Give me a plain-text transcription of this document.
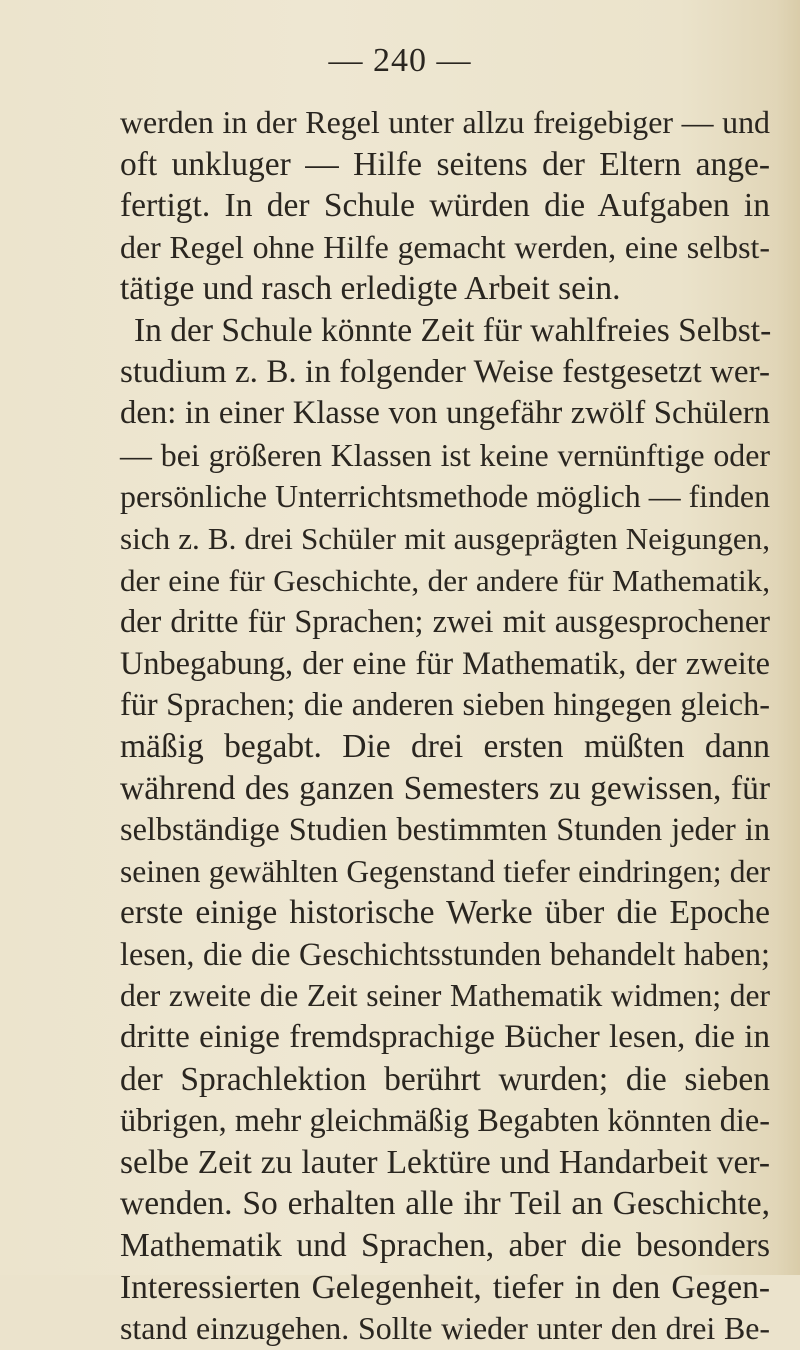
— 240 —
werden in der Regel unter allzu freigebiger — und
oft unkluger — Hilfe seitens der Eltern ange-
fertigt. In der Schule würden die Aufgaben in
der Regel ohne Hilfe gemacht werden, eine selbst-
tätige und rasch erledigte Arbeit sein.
In der Schule könnte Zeit für wahlfreies Selbst-
studium z. B. in folgender Weise festgesetzt wer-
den: in einer Klasse von ungefähr zwölf Schülern
— bei größeren Klassen ist keine vernünftige oder
persönliche Unterrichtsmethode möglich — finden
sich z. B. drei Schüler mit ausgeprägten Neigungen,
der eine für Geschichte, der andere für Mathematik,
der dritte für Sprachen; zwei mit ausgesprochener
Unbegabung, der eine für Mathematik, der zweite
für Sprachen; die anderen sieben hingegen gleich-
mäßig begabt. Die drei ersten müßten dann
während des ganzen Semesters zu gewissen, für
selbständige Studien bestimmten Stunden jeder in
seinen gewählten Gegenstand tiefer eindringen; der
erste einige historische Werke über die Epoche
lesen, die die Geschichtsstunden behandelt haben;
der zweite die Zeit seiner Mathematik widmen; der
dritte einige fremdsprachige Bücher lesen, die in
der Sprachlektion berührt wurden; die sieben
übrigen, mehr gleichmäßig Begabten könnten die-
selbe Zeit zu lauter Lektüre und Handarbeit ver-
wenden. So erhalten alle ihr Teil an Geschichte,
Mathematik und Sprachen, aber die besonders
Interessierten Gelegenheit, tiefer in den Gegen-
stand einzugehen. Sollte wieder unter den drei Be-
